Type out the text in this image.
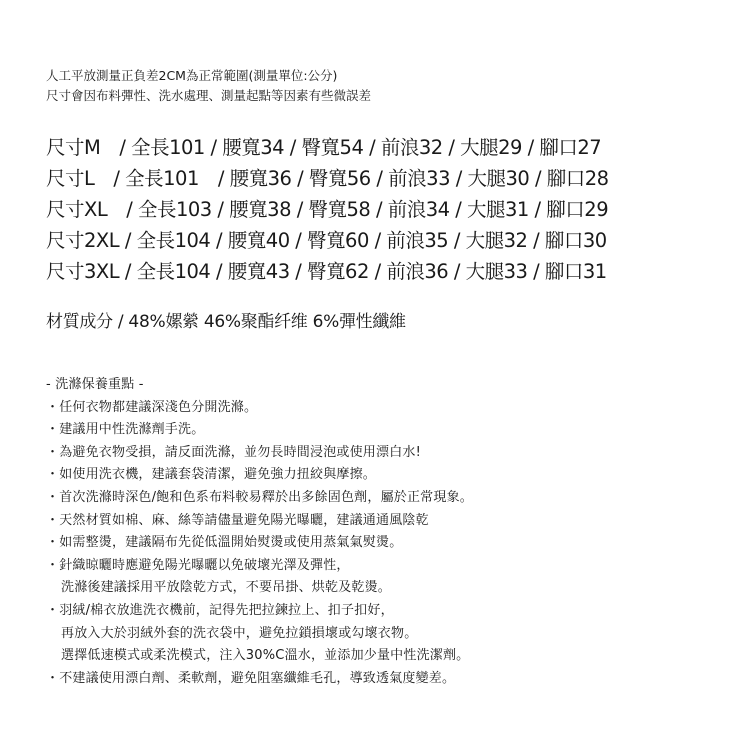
人工平放測量正負差2CM為正常範圍(測量單位:公分)
尺寸會因布料彈性、洗水處理、測量起點等因素有些微誤差
尺寸M　/ 全長101 / 腰寬34 / 臀寬54 / 前浪32 / 大腿29 / 腳口27
尺寸L　/ 全長101　/ 腰寬36 / 臀寬56 / 前浪33 / 大腿30 / 腳口28
尺寸XL　/ 全長103 / 腰寬38 / 臀寬58 / 前浪34 / 大腿31 / 腳口29
尺寸2XL / 全長104 / 腰寬40 / 臀寬60 / 前浪35 / 大腿32 / 腳口30
尺寸3XL / 全長104 / 腰寬43 / 臀寬62 / 前浪36 / 大腿33 / 腳口31
材質成分 / 48%嫘縈 46%聚酯纤维 6%彈性纖維
- 洗滌保養重點 -
・任何衣物都建議深淺色分開洗滌。
・建議用中性洗滌劑手洗。
・為避免衣物受損，請反面洗滌，並勿長時間浸泡或使用漂白水!
・如使用洗衣機，建議套袋清潔，避免強力扭絞與摩擦。
・首次洗滌時深色/飽和色系布料較易釋於出多餘固色劑，屬於正常現象。
・天然材質如棉、麻、絲等請儘量避免陽光曝曬，建議通通風陰乾
・如需整燙，建議隔布先從低溫開始熨燙或使用蒸氣氣熨燙。
・針織晾曬時應避免陽光曝曬以免破壞光澤及彈性，
洗滌後建議採用平放陰乾方式，不要吊掛、烘乾及乾燙。
・羽絨/棉衣放進洗衣機前，記得先把拉鍊拉上、扣子扣好，
再放入大於羽絨外套的洗衣袋中，避免拉鎖損壞或勾壞衣物。
選擇低速模式或柔洗模式，注入30%C溫水，並添加少量中性洗潔劑。
・不建議使用漂白劑、柔軟劑，避免阻塞纖維毛孔，導致透氣度變差。
